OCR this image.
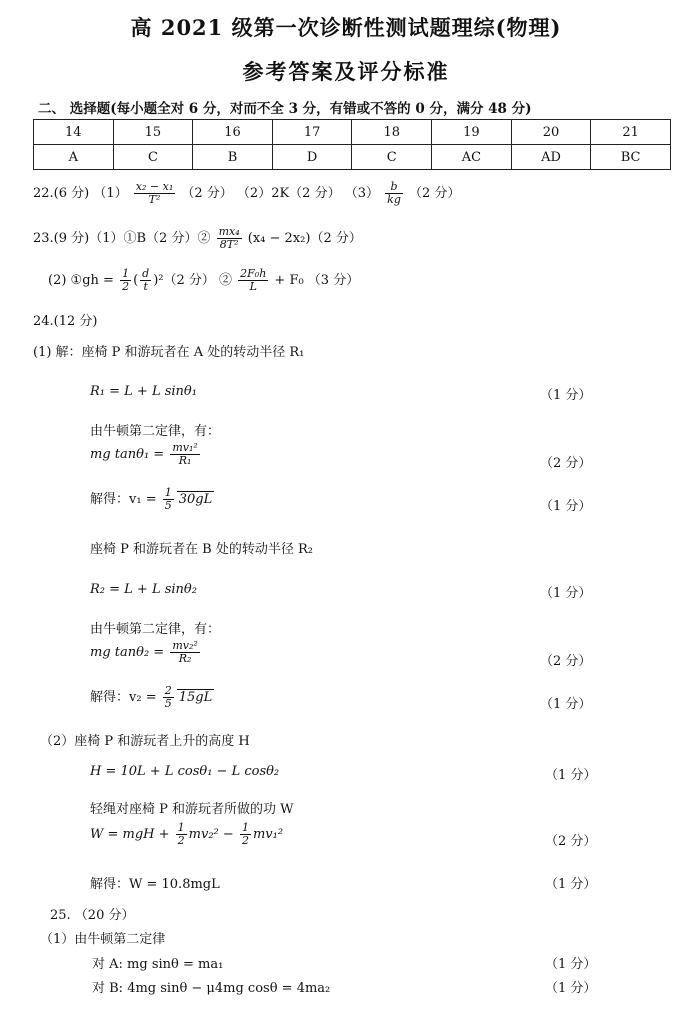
高 2021 级第一次诊断性测试题理综(物理)
参考答案及评分标准
二、 选择题(每小题全对 6 分，对而不全 3 分，有错或不答的 0 分，满分 48 分)
14	15	16	17	18	19	20	21
A	C	B	D	C	AC	AD	BC
22.(6 分) $(1) \frac{\text{x₂ − x₁}}{\text{T²}} (2$ 分） （2）2K（2 分） $(3) \frac{b}{kg} (2$ 分）
23.(9 分)（1）①B（2 分）② $\frac{\text{mx₄}}{\text{8T²}} (x_4 - 2x_2)(2$ 分）
(2) ①gh = $\frac{1}{2}$ ( $\frac{d}{t} )^2(2$ 分） ② $\frac{\text{2F₀h}}{L} + F_0$ （3 分）
24.(12 分)
(1) 解：座椅 P 和游玩者在 A 处的转动半径 R₁
R₁ = L + L sinθ₁	（1 分）
由牛顿第二定律，有：
mg $\tan\theta_1 = \frac{\text{mv₁²}}{\text{R₁}}$	（2 分）
解得：$v_1 = \frac{1}{5} 30gL$	（1 分）
座椅 P 和游玩者在 B 处的转动半径 R₂
R₂ = L + L sinθ₂	（1 分）
由牛顿第二定律，有：
mg $\tan\theta_2 = \frac{\text{mv₂²}}{\text{R₂}}$	（2 分）
解得：$v_2 = \frac{2}{5} 15gL$	（1 分）
（2）座椅 P 和游玩者上升的高度 H
H = 10L + L cosθ₁ − L cosθ₂	（1 分）
轻绳对座椅 P 和游玩者所做的功 W
W = mgH + $\frac{1}{2} mv_2^2 - \frac{1}{2} mv_1^2$	（2 分）
解得：W = 10.8mgL	（1 分）
25. （20 分）
（1）由牛顿第二定律
对 A: mg sinθ = ma₁	（1 分）
对 B: 4mg sinθ − μ4mg cosθ = 4ma₂	（1 分）
